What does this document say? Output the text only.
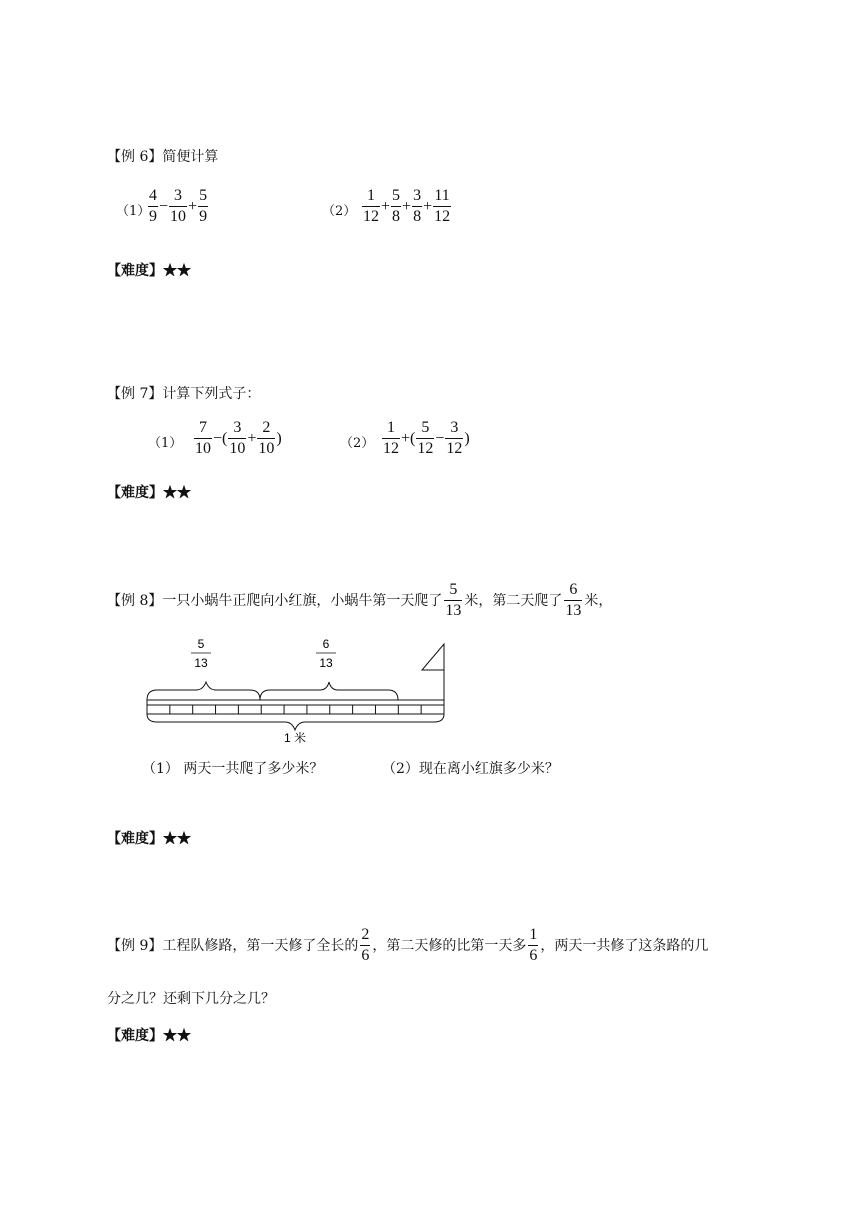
【例 6】简便计算
（1）
$\frac{4}{9} - \frac{3}{10} + \frac{5}{9}$	$(2) \frac{1}{12} + \frac{5}{8} + \frac{3}{8} + \frac{11}{12}$
【难度】★★
【例 7】计算下列式子：
$(1) \frac{7}{10}$ −( $\frac{3}{10} + \frac{2}{10}$ )	$(2) \frac{1}{12}$ +( $\frac{5}{12} - \frac{3}{12}$ )
【难度】★★
【例 8】一只小蜗牛正爬向小红旗，小蜗牛第一天爬了 $\frac{5}{13}$ 米，第二天爬了 $\frac{6}{13}$ 米，
5
13
6
13
1 米
（1） 两天一共爬了多少米？	（2）现在离小红旗多少米？
【难度】★★
【例 9】工程队修路，第一天修了全长的 $\frac{2}{6}$ ，第二天修的比第一天多 $\frac{1}{6}$ ，两天一共修了这条路的几
分之几？还剩下几分之几？
【难度】★★
